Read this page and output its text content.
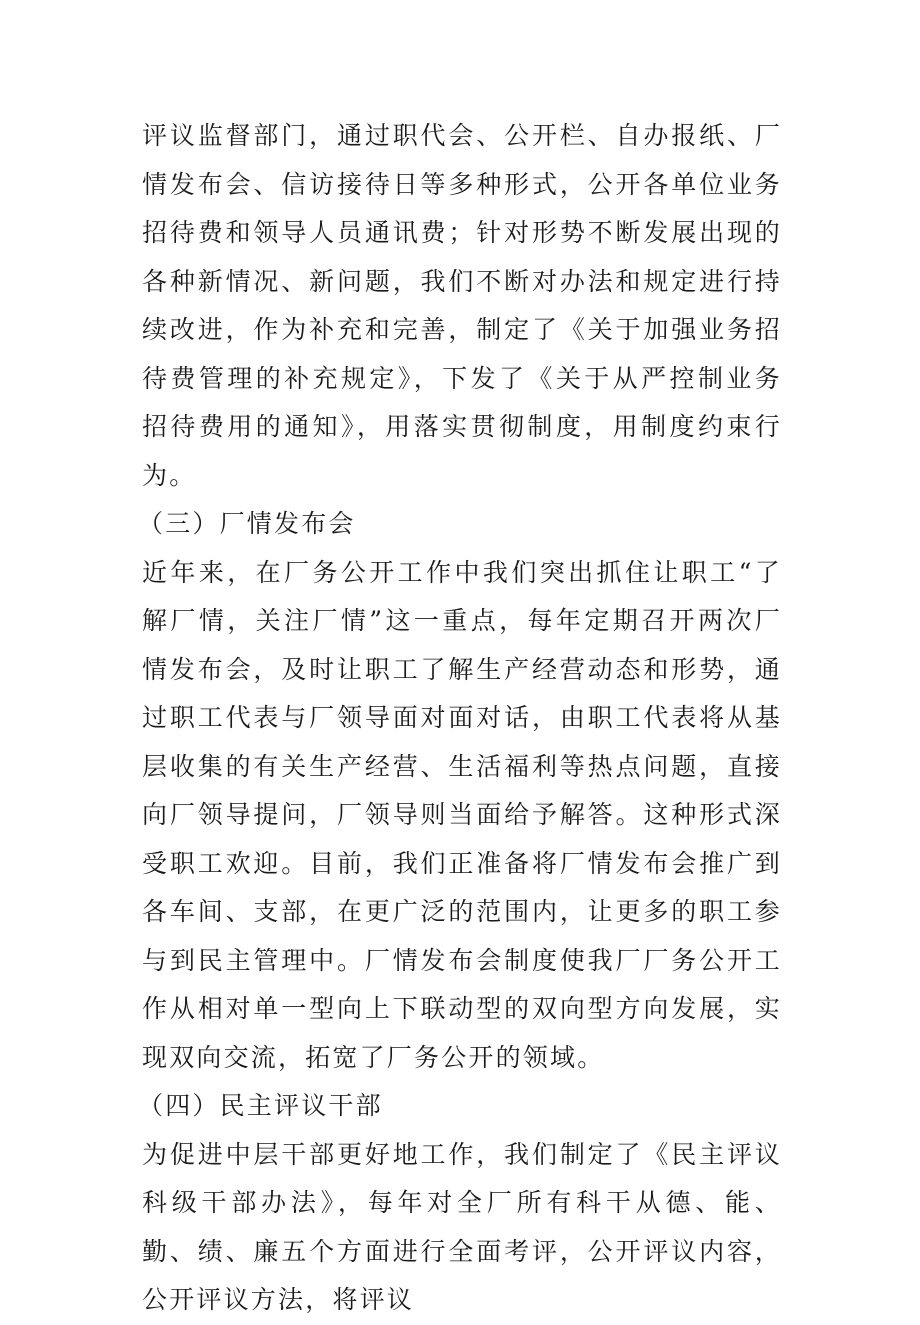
评议监督部门，通过职代会、公开栏、自办报纸、厂情发布会、信访接待日等多种形式，公开各单位业务招待费和领导人员通讯费；针对形势不断发展出现的各种新情况、新问题，我们不断对办法和规定进行持续改进，作为补充和完善，制定了《关于加强业务招待费管理的补充规定》，下发了《关于从严控制业务招待费用的通知》，用落实贯彻制度，用制度约束行为。

（三）厂情发布会

近年来，在厂务公开工作中我们突出抓住让职工“了解厂情，关注厂情”这一重点，每年定期召开两次厂情发布会，及时让职工了解生产经营动态和形势，通过职工代表与厂领导面对面对话，由职工代表将从基层收集的有关生产经营、生活福利等热点问题，直接向厂领导提问，厂领导则当面给予解答。这种形式深受职工欢迎。目前，我们正准备将厂情发布会推广到各车间、支部，在更广泛的范围内，让更多的职工参与到民主管理中。厂情发布会制度使我厂厂务公开工作从相对单一型向上下联动型的双向型方向发展，实现双向交流，拓宽了厂务公开的领域。

（四）民主评议干部

为促进中层干部更好地工作，我们制定了《民主评议科级干部办法》，每年对全厂所有科干从德、能、勤、绩、廉五个方面进行全面考评，公开评议内容，公开评议方法，将评议
